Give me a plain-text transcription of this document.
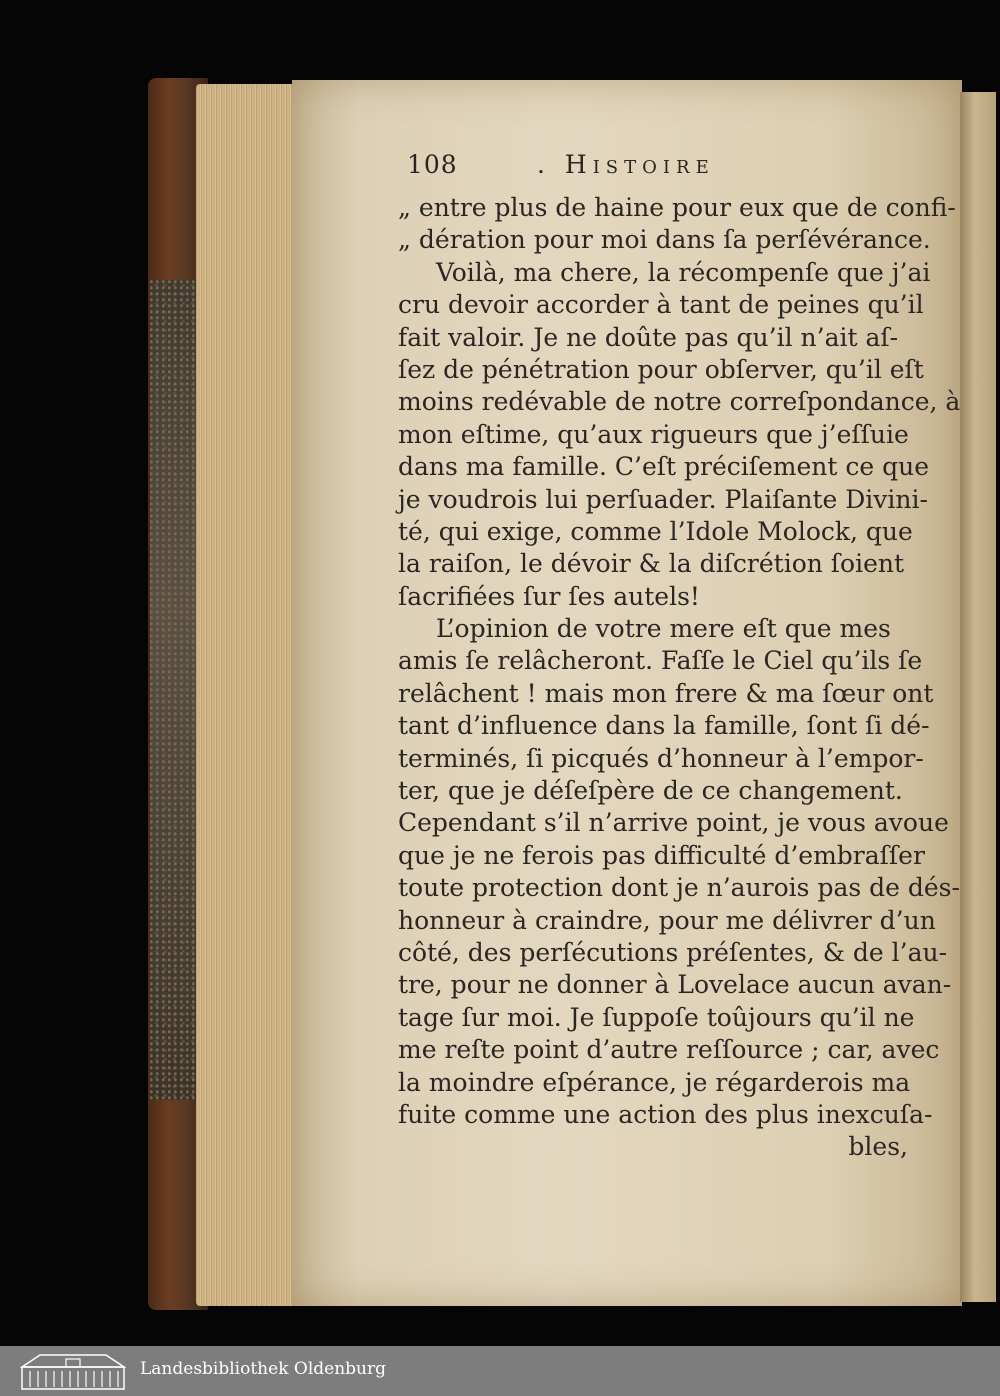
108	. Histoire
„ entre plus de haine pour eux que de confi-
„ dération pour moi dans ſa perſévérance.
Voilà, ma chere, la récompenſe que j’ai
cru devoir accorder à tant de peines qu’il
fait valoir. Je ne doûte pas qu’il n’ait aſ-
ſez de pénétration pour obſerver, qu’il eſt
moins redévable de notre correſpondance, à
mon eſtime, qu’aux rigueurs que j’eſſuie
dans ma famille. C’eſt préciſement ce que
je voudrois lui perſuader. Plaiſante Divini-
té, qui exige, comme l’Idole Molock, que
la raiſon, le dévoir & la diſcrétion ſoient
ſacrifiées ſur ſes autels!
L’opinion de votre mere eſt que mes
amis ſe relâcheront. Faſſe le Ciel qu’ils ſe
relâchent ! mais mon frere & ma ſœur ont
tant d’influence dans la famille, ſont ſi dé-
terminés, ſi picqués d’honneur à l’empor-
ter, que je déſeſpère de ce changement.
Cependant s’il n’arrive point, je vous avoue
que je ne ferois pas difficulté d’embraſſer
toute protection dont je n’aurois pas de dés-
honneur à craindre, pour me délivrer d’un
côté, des perſécutions préſentes, & de l’au-
tre, pour ne donner à Lovelace aucun avan-
tage ſur moi. Je ſuppoſe toûjours qu’il ne
me reſte point d’autre reſſource ; car, avec
la moindre eſpérance, je régarderois ma
fuite comme une action des plus inexcuſa-
bles,
Landesbibliothek Oldenburg
